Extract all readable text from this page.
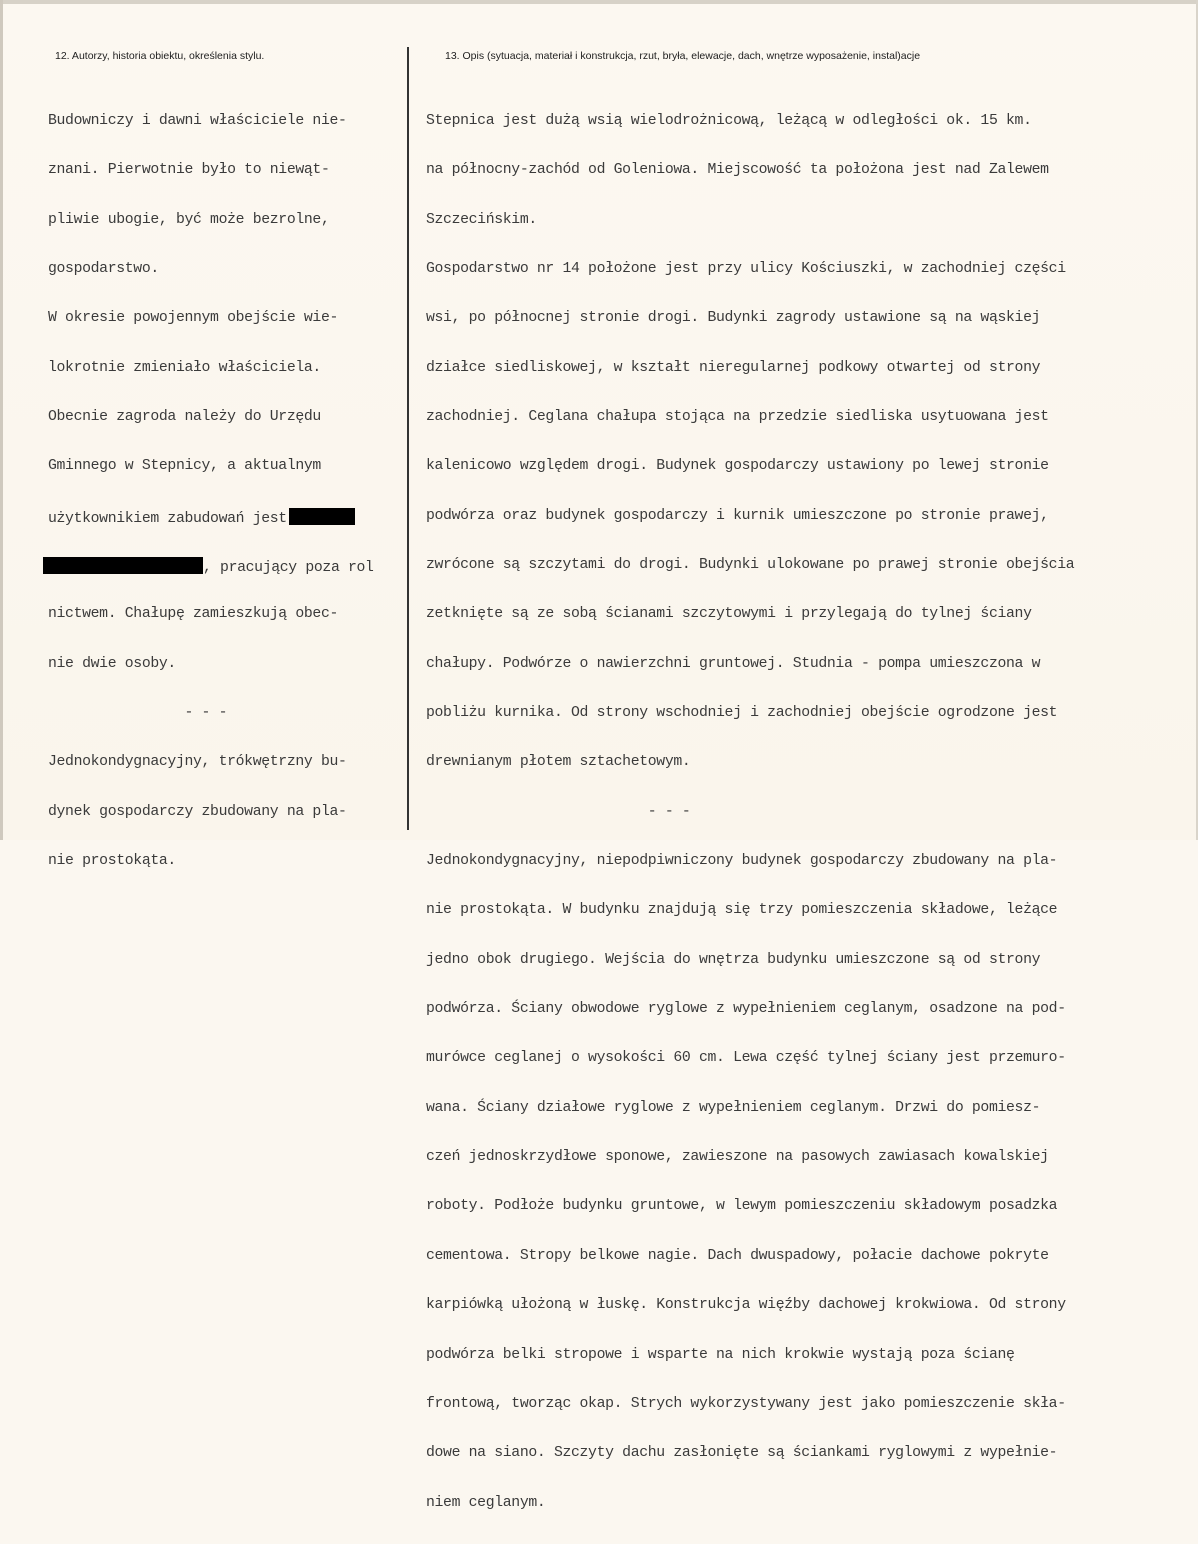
12. Autorzy, historia obiektu, określenia stylu.	13. Opis (sytuacja, materiał i konstrukcja, rzut, bryła, elewacje, dach, wnętrze wyposażenie, instal)acje

Budowniczy i dawni właściciele nie-

znani. Pierwotnie było to niewąt-

pliwie ubogie, być może bezrolne,

gospodarstwo.

W okresie powojennym obejście wie-

lokrotnie zmieniało właściciela.

Obecnie zagroda należy do Urzędu

Gminnego w Stepnicy, a aktualnym

użytkownikiem zabudowań jest

, pracujący poza rol

nictwem. Chałupę zamieszkują obec-

nie dwie osoby.

- - -

Jednokondygnacyjny, trókwętrzny bu-

dynek gospodarczy zbudowany na pla-

nie prostokąta.

Stepnica jest dużą wsią wielodrożnicową, leżącą w odległości ok. 15 km.

na północny-zachód od Goleniowa. Miejscowość ta położona jest nad Zalewem

Szczecińskim.

Gospodarstwo nr 14 położone jest przy ulicy Kościuszki, w zachodniej części

wsi, po północnej stronie drogi. Budynki zagrody ustawione są na wąskiej

działce siedliskowej, w kształt nieregularnej podkowy otwartej od strony

zachodniej. Ceglana chałupa stojąca na przedzie siedliska usytuowana jest

kalenicowo względem drogi. Budynek gospodarczy ustawiony po lewej stronie

podwórza oraz budynek gospodarczy i kurnik umieszczone po stronie prawej,

zwrócone są szczytami do drogi. Budynki ulokowane po prawej stronie obejścia

zetknięte są ze sobą ścianami szczytowymi i przylegają do tylnej ściany

chałupy. Podwórze o nawierzchni gruntowej. Studnia - pompa umieszczona w

pobliżu kurnika. Od strony wschodniej i zachodniej obejście ogrodzone jest

drewnianym płotem sztachetowym.

- - -

Jednokondygnacyjny, niepodpiwniczony budynek gospodarczy zbudowany na pla-

nie prostokąta. W budynku znajdują się trzy pomieszczenia składowe, leżące

jedno obok drugiego. Wejścia do wnętrza budynku umieszczone są od strony

podwórza. Ściany obwodowe ryglowe z wypełnieniem ceglanym, osadzone na pod-

murówce ceglanej o wysokości 60 cm. Lewa część tylnej ściany jest przemuro-

wana. Ściany działowe ryglowe z wypełnieniem ceglanym. Drzwi do pomiesz-

czeń jednoskrzydłowe sponowe, zawieszone na pasowych zawiasach kowalskiej

roboty. Podłoże budynku gruntowe, w lewym pomieszczeniu składowym posadzka

cementowa. Stropy belkowe nagie. Dach dwuspadowy, połacie dachowe pokryte

karpiówką ułożoną w łuskę. Konstrukcja więźby dachowej krokwiowa. Od strony

podwórza belki stropowe i wsparte na nich krokwie wystają poza ścianę

frontową, tworząc okap. Strych wykorzystywany jest jako pomieszczenie skła-

dowe na siano. Szczyty dachu zasłonięte są ściankami ryglowymi z wypełnie-

niem ceglanym.
